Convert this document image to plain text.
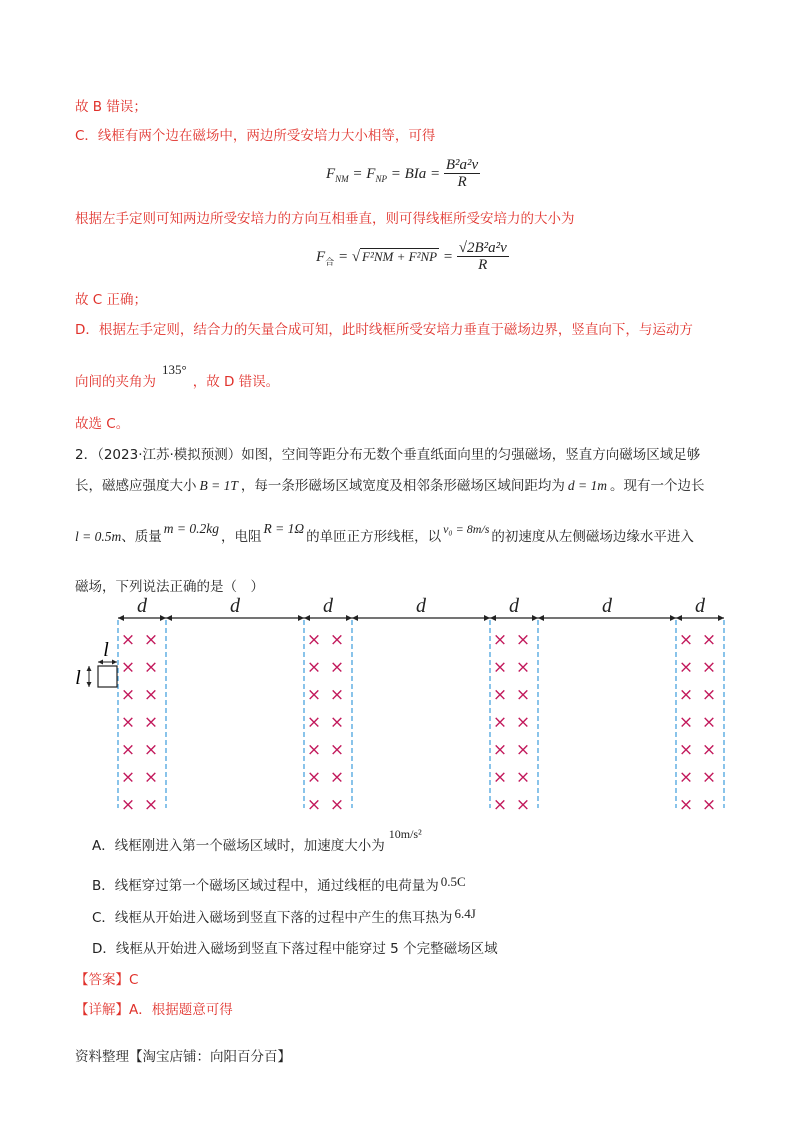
故 B 错误；
C．线框有两个边在磁场中，两边所受安培力大小相等，可得
$F_{NM} = F_{NP}$ = BIa = $\frac{\text{B²a²v}}{R}$
根据左手定则可知两边所受安培力的方向互相垂直，则可得线框所受安培力的大小为
$F_合$ = √ $F^2NM + F^2NP = \frac{\text{√2B²a²v}}{R}$
故 C 正确；
D．根据左手定则，结合力的矢量合成可知，此时线框所受安培力垂直于磁场边界，竖直向下，与运动方
向间的夹角为135°，故 D 错误。
故选 C。
2．（2023·江苏·模拟预测）如图，空间等距分布无数个垂直纸面向里的匀强磁场，竖直方向磁场区域足够
长，磁感应强度大小 B = 1T ，每一条形磁场区域宽度及相邻条形磁场区域间距均为 d = 1m 。现有一个边长
l = 0.5m、质量m = 0.2kg，电阻R = 1Ω的单匝正方形线框，以 v₀ = 8m/s 的初速度从左侧磁场边缘水平进入
磁场，下列说法正确的是（　）
× ×
× ×
× ×
× ×
× ×
× ×
× ×
× ×
× ×
× ×
× ×
× ×
× ×
× ×
× ×
× ×
× ×
× ×
× ×
× ×
× ×
× ×
× ×
× ×
× ×
× ×
× ×
× ×
d	d	d	d	d	d	d
l
l
A．线框刚进入第一个磁场区域时，加速度大小为10m/s²
B．线框穿过第一个磁场区域过程中，通过线框的电荷量为 0.5C
C．线框从开始进入磁场到竖直下落的过程中产生的焦耳热为 6.4J
D．线框从开始进入磁场到竖直下落过程中能穿过 5 个完整磁场区域
【答案】C
【详解】A．根据题意可得
资料整理【淘宝店铺：向阳百分百】
